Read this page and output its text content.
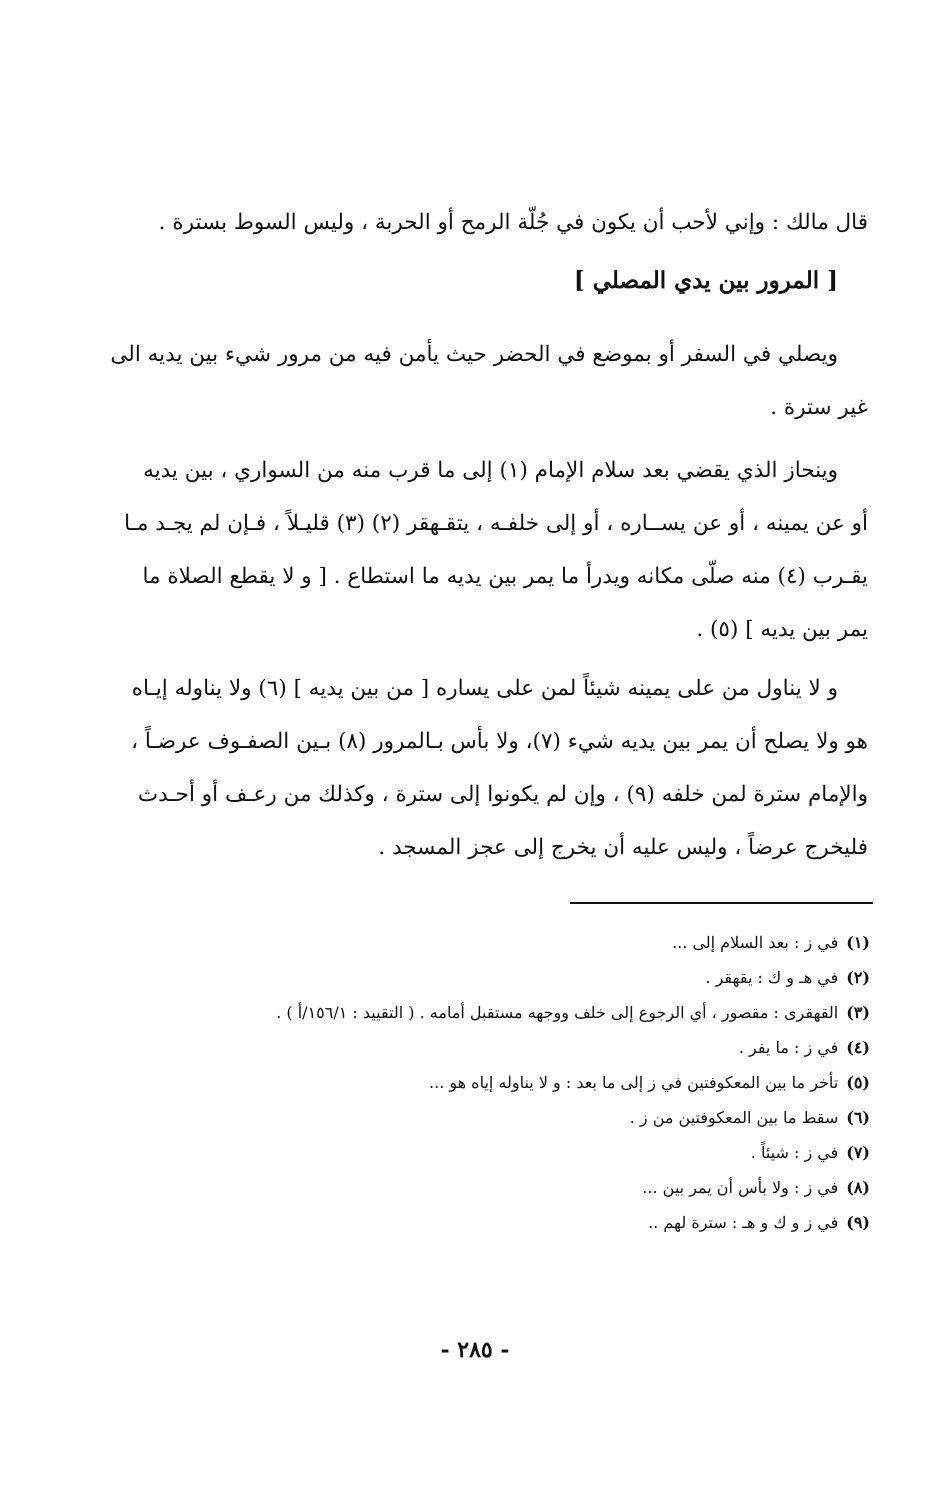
قال مالك : وإني لأحب أن يكون في جُلّة الرمح أو الحربة ، وليس السوط بسترة .

[ المرور بين يدي المصلي ]

ويصلي في السفر أو بموضع في الحضر حيث يأمن فيه من مرور شيء بين يديه الى

غير سترة .

وينحاز الذي يقضي بعد سلام الإمام (١) إلى ما قرب منه من السواري ، بين يديه

أو عن يمينه ، أو عن يســاره ، أو إلى خلفـه ، يتقـهقر (٢) (٣) قليـلاً ، فـإن لم يجـد مـا

يقـرب (٤) منه صلّى مكانه ويدرأ ما يمر بين يديه ما استطاع . [ و لا يقطع الصلاة ما

يمر بين يديه ] (٥) .

و لا يناول من على يمينه شيئاً لمن على يساره [ من بين يديه ] (٦) ولا يناوله إيـاه

هو ولا يصلح أن يمر بين يديه شيء (٧)، ولا بأس بـالمرور (٨) بـين الصفـوف عرضـاً ،

والإمام سترة لمن خلفه (٩) ، وإن لم يكونوا إلى سترة ، وكذلك من رعـف أو أحـدث

فليخرج عرضاً ، وليس عليه أن يخرج إلى عجز المسجد .

(١)في ز : بعد السلام إلى ...
(٢)في هـ و ك : يقهقر .
(٣)القهقرى : مقصور ، أي الرجوع إلى خلف ووجهه مستقبل أمامه . ( التقييد : ١٥٦/١/أ ) .
(٤)في ز : ما يفر .
(٥)تأخر ما بين المعكوفتين في ز إلى ما بعد : و لا يناوله إياه هو ...
(٦)سقط ما بين المعكوفتين من ز .
(٧)في ز : شيئاً .
(٨)في ز : ولا بأس أن يمر بين ...
(٩)في ز و ك و هـ : سترة لهم ..
- ٢٨٥ -
